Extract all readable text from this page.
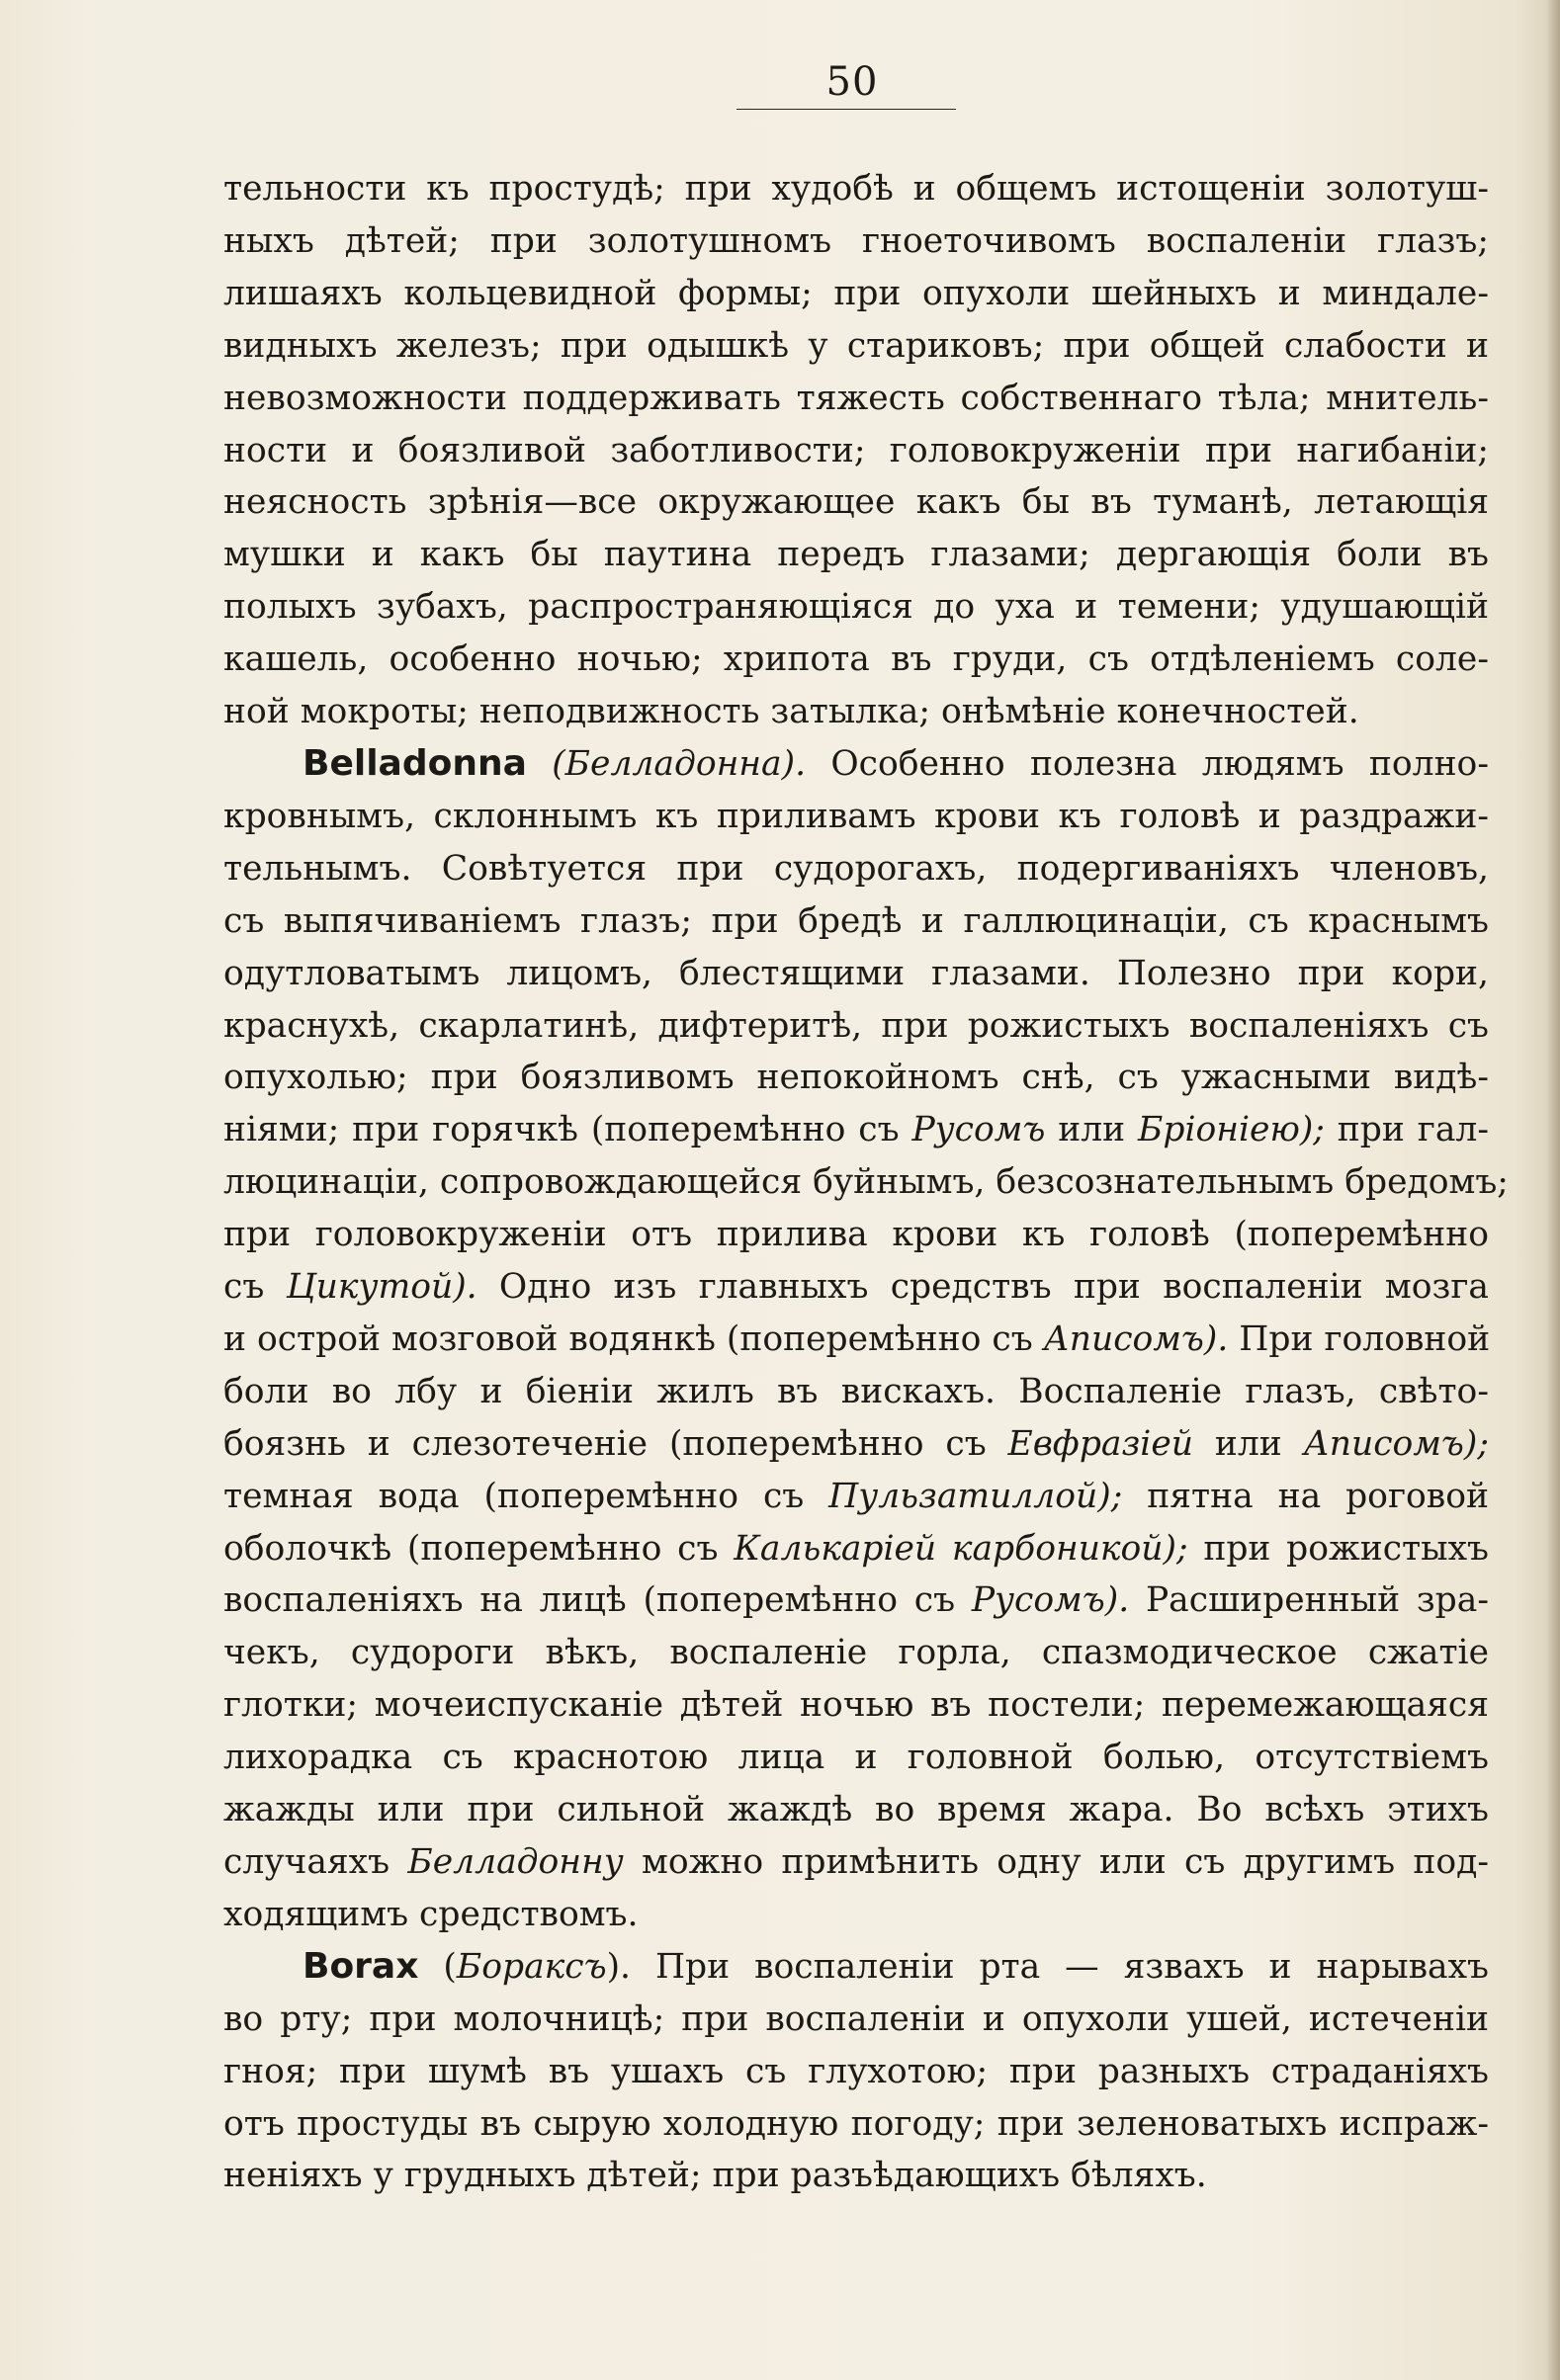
50
тельности къ простудѣ; при худобѣ и общемъ истощеніи золотуш-
ныхъ дѣтей; при золотушномъ гноеточивомъ воспаленіи глазъ;
лишаяхъ кольцевидной формы; при опухоли шейныхъ и миндале-
видныхъ железъ; при одышкѣ у стариковъ; при общей слабости и
невозможности поддерживать тяжесть собственнаго тѣла; мнитель-
ности и боязливой заботливости; головокруженіи при нагибаніи;
неясность зрѣнія—все окружающее какъ бы въ туманѣ, летающія
мушки и какъ бы паутина передъ глазами; дергающія боли въ
полыхъ зубахъ, распространяющіяся до уха и темени; удушающій
кашель, особенно ночью; хрипота въ груди, съ отдѣленіемъ соле-
ной мокроты; неподвижность затылка; онѣмѣніе конечностей.
Belladonna (Белладонна). Особенно полезна людямъ полно-
кровнымъ, склоннымъ къ приливамъ крови къ головѣ и раздражи-
тельнымъ. Совѣтуется при судорогахъ, подергиваніяхъ членовъ,
съ выпячиваніемъ глазъ; при бредѣ и галлюцинаціи, съ краснымъ
одутловатымъ лицомъ, блестящими глазами. Полезно при кори,
краснухѣ, скарлатинѣ, дифтеритѣ, при рожистыхъ воспаленіяхъ съ
опухолью; при боязливомъ непокойномъ снѣ, съ ужасными видѣ-
ніями; при горячкѣ (поперемѣнно съ Русомъ или Бріоніею); при гал-
люцинаціи, сопровождающейся буйнымъ, безсознательнымъ бредомъ;
при головокруженіи отъ прилива крови къ головѣ (поперемѣнно
съ Цикутой). Одно изъ главныхъ средствъ при воспаленіи мозга
и острой мозговой водянкѣ (поперемѣнно съ Аписомъ). При головной
боли во лбу и біеніи жилъ въ вискахъ. Воспаленіе глазъ, свѣто-
боязнь и слезотеченіе (поперемѣнно съ Евфразіей или Аписомъ);
темная вода (поперемѣнно съ Пульзатиллой); пятна на роговой
оболочкѣ (поперемѣнно съ Калькаріей карбоникой); при рожистыхъ
воспаленіяхъ на лицѣ (поперемѣнно съ Русомъ). Расширенный зра-
чекъ, судороги вѣкъ, воспаленіе горла, спазмодическое сжатіе
глотки; мочеиспусканіе дѣтей ночью въ постели; перемежающаяся
лихорадка съ краснотою лица и головной болью, отсутствіемъ
жажды или при сильной жаждѣ во время жара. Во всѣхъ этихъ
случаяхъ Белладонну можно примѣнить одну или съ другимъ под-
ходящимъ средствомъ.
Borax (Бораксъ). При воспаленіи рта — язвахъ и нарывахъ
во рту; при молочницѣ; при воспаленіи и опухоли ушей, истеченіи
гноя; при шумѣ въ ушахъ съ глухотою; при разныхъ страданіяхъ
отъ простуды въ сырую холодную погоду; при зеленоватыхъ испраж-
неніяхъ у грудныхъ дѣтей; при разъѣдающихъ бѣляхъ.
